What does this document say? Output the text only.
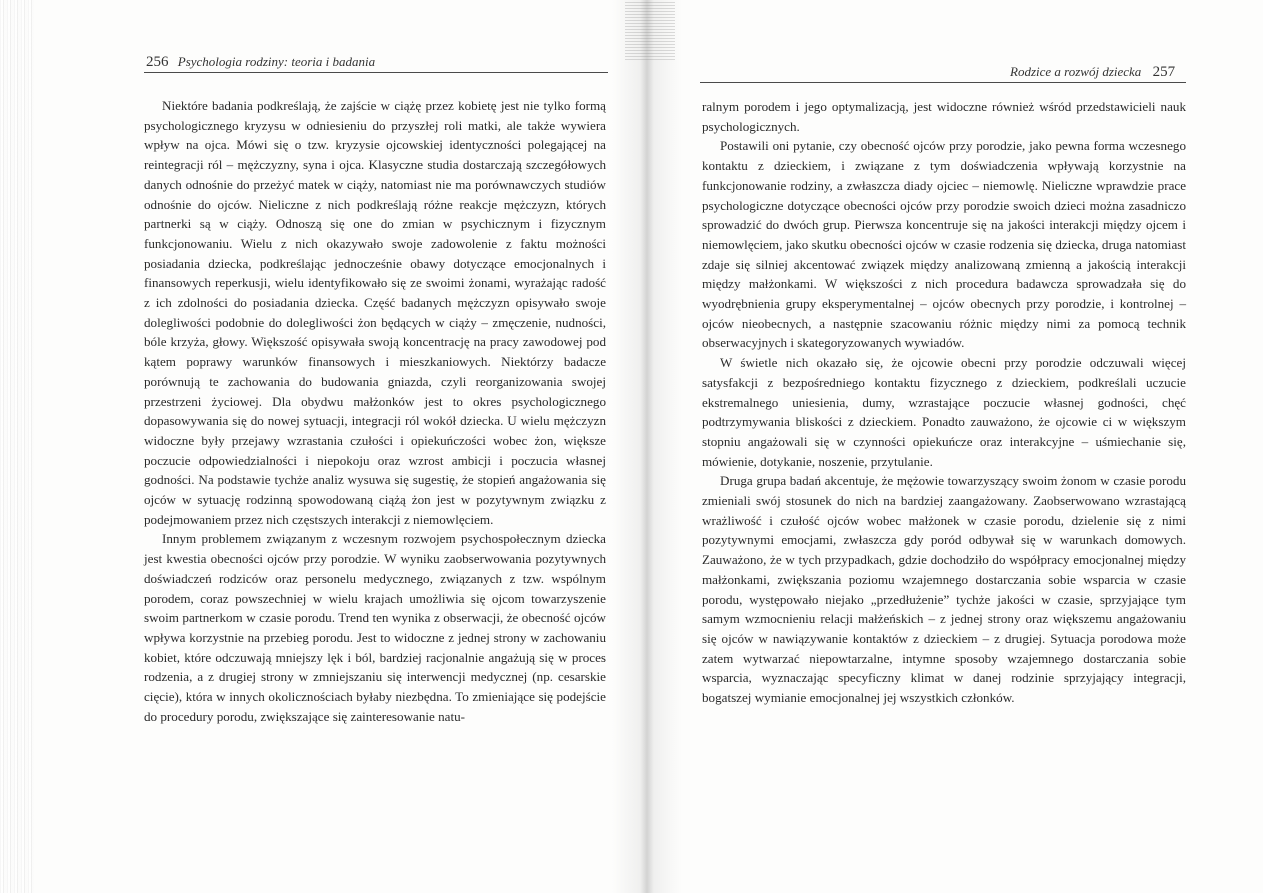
256 Psychologia rodziny: teoria i badania

Niektóre badania podkreślają, że zajście w ciążę przez kobietę jest nie tylko formą psychologicznego kryzysu w odniesieniu do przyszłej roli matki, ale także wywiera wpływ na ojca. Mówi się o tzw. kryzysie ojcowskiej identyczności polegającej na reintegracji ról – mężczyzny, syna i ojca. Klasyczne studia dostarczają szczegółowych danych odnośnie do przeżyć matek w ciąży, natomiast nie ma porównawczych studiów odnośnie do ojców. Nieliczne z nich podkreślają różne reakcje mężczyzn, których partnerki są w ciąży. Odnoszą się one do zmian w psychicznym i fizycznym funkcjonowaniu. Wielu z nich okazywało swoje zadowolenie z faktu możności posiadania dziecka, podkreślając jednocześnie obawy dotyczące emocjonalnych i finansowych reperkusji, wielu identyfikowało się ze swoimi żonami, wyrażając radość z ich zdolności do posiadania dziecka. Część badanych mężczyzn opisywało swoje dolegliwości podobnie do dolegliwości żon będących w ciąży – zmęczenie, nudności, bóle krzyża, głowy. Większość opisywała swoją koncentrację na pracy zawodowej pod kątem poprawy warunków finansowych i mieszkaniowych. Niektórzy badacze porównują te zachowania do budowania gniazda, czyli reorganizowania swojej przestrzeni życiowej. Dla obydwu małżonków jest to okres psychologicznego dopasowywania się do nowej sytuacji, integracji ról wokół dziecka. U wielu mężczyzn widoczne były przejawy wzrastania czułości i opiekuńczości wobec żon, większe poczucie odpowiedzialności i niepokoju oraz wzrost ambicji i poczucia własnej godności. Na podstawie tychże analiz wysuwa się sugestię, że stopień angażowania się ojców w sytuację rodzinną spowodowaną ciążą żon jest w pozytywnym związku z podejmowaniem przez nich częstszych interakcji z niemowlęciem.

Innym problemem związanym z wczesnym rozwojem psychospołecznym dziecka jest kwestia obecności ojców przy porodzie. W wyniku zaobserwowania pozytywnych doświadczeń rodziców oraz personelu medycznego, związanych z tzw. wspólnym porodem, coraz powszechniej w wielu krajach umożliwia się ojcom towarzyszenie swoim partnerkom w czasie porodu. Trend ten wynika z obserwacji, że obecność ojców wpływa korzystnie na przebieg porodu. Jest to widoczne z jednej strony w zachowaniu kobiet, które odczuwają mniejszy lęk i ból, bardziej racjonalnie angażują się w proces rodzenia, a z drugiej strony w zmniejszaniu się interwencji medycznej (np. cesarskie cięcie), która w innych okolicznościach byłaby niezbędna. To zmieniające się podejście do procedury porodu, zwiększające się zainteresowanie natu-

Rodzice a rozwój dziecka 257

ralnym porodem i jego optymalizacją, jest widoczne również wśród przedstawicieli nauk psychologicznych.

Postawili oni pytanie, czy obecność ojców przy porodzie, jako pewna forma wczesnego kontaktu z dzieckiem, i związane z tym doświadczenia wpływają korzystnie na funkcjonowanie rodziny, a zwłaszcza diady ojciec – niemowlę. Nieliczne wprawdzie prace psychologiczne dotyczące obecności ojców przy porodzie swoich dzieci można zasadniczo sprowadzić do dwóch grup. Pierwsza koncentruje się na jakości interakcji między ojcem i niemowlęciem, jako skutku obecności ojców w czasie rodzenia się dziecka, druga natomiast zdaje się silniej akcentować związek między analizowaną zmienną a jakością interakcji między małżonkami. W większości z nich procedura badawcza sprowadzała się do wyodrębnienia grupy eksperymentalnej – ojców obecnych przy porodzie, i kontrolnej – ojców nieobecnych, a następnie szacowaniu różnic między nimi za pomocą technik obserwacyjnych i skategoryzowanych wywiadów.

W świetle nich okazało się, że ojcowie obecni przy porodzie odczuwali więcej satysfakcji z bezpośredniego kontaktu fizycznego z dzieckiem, podkreślali uczucie ekstremalnego uniesienia, dumy, wzrastające poczucie własnej godności, chęć podtrzymywania bliskości z dzieckiem. Ponadto zauważono, że ojcowie ci w większym stopniu angażowali się w czynności opiekuńcze oraz interakcyjne – uśmiechanie się, mówienie, dotykanie, noszenie, przytulanie.

Druga grupa badań akcentuje, że mężowie towarzyszący swoim żonom w czasie porodu zmieniali swój stosunek do nich na bardziej zaangażowany. Zaobserwowano wzrastającą wrażliwość i czułość ojców wobec małżonek w czasie porodu, dzielenie się z nimi pozytywnymi emocjami, zwłaszcza gdy poród odbywał się w warunkach domowych. Zauważono, że w tych przypadkach, gdzie dochodziło do współpracy emocjonalnej między małżonkami, zwiększania poziomu wzajemnego dostarczania sobie wsparcia w czasie porodu, występowało niejako „przedłużenie” tychże jakości w czasie, sprzyjające tym samym wzmocnieniu relacji małżeńskich – z jednej strony oraz większemu angażowaniu się ojców w nawiązywanie kontaktów z dzieckiem – z drugiej. Sytuacja porodowa może zatem wytwarzać niepowtarzalne, intymne sposoby wzajemnego dostarczania sobie wsparcia, wyznaczając specyficzny klimat w danej rodzinie sprzyjający integracji, bogatszej wymianie emocjonalnej jej wszystkich członków.
